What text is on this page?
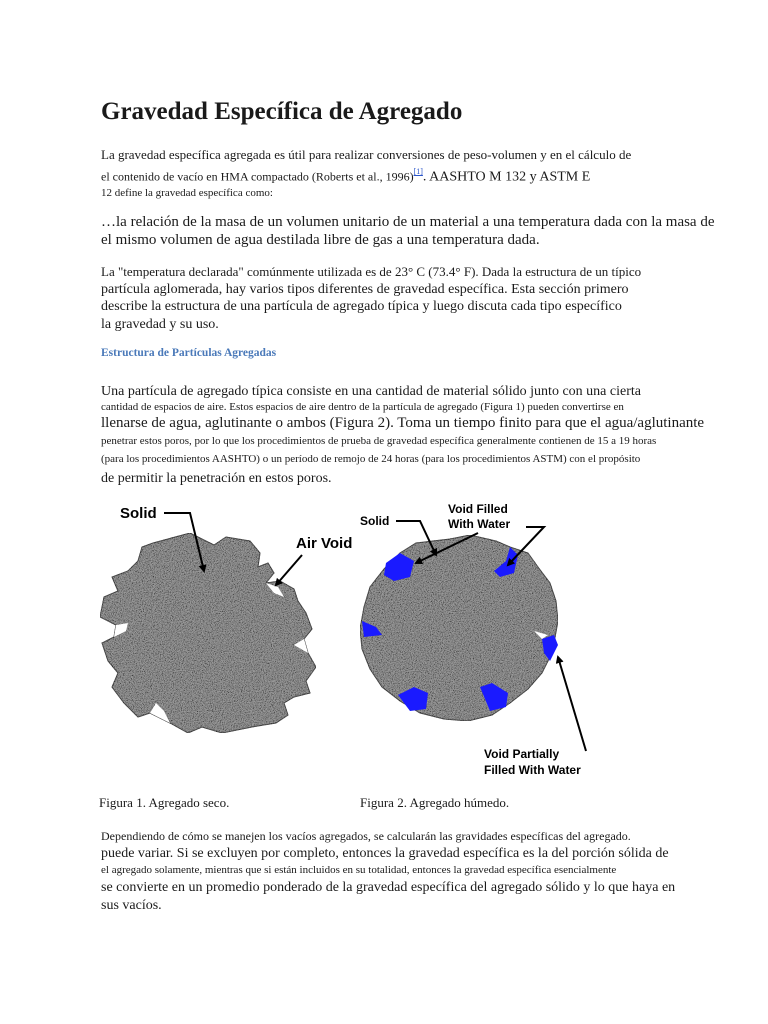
Gravedad Específica de Agregado
La gravedad específica agregada es útil para realizar conversiones de peso-volumen y en el cálculo de
el contenido de vacío en HMA compactado (Roberts et al., 1996)[1]. AASHTO M 132 y ASTM E
12 define la gravedad específica como:
…la relación de la masa de un volumen unitario de un material a una temperatura dada con la masa de
el mismo volumen de agua destilada libre de gas a una temperatura dada.
La "temperatura declarada" comúnmente utilizada es de 23° C (73.4° F). Dada la estructura de un típico
partícula aglomerada, hay varios tipos diferentes de gravedad específica. Esta sección primero
describe la estructura de una partícula de agregado típica y luego discuta cada tipo específico
la gravedad y su uso.
Estructura de Partículas Agregadas
Una partícula de agregado típica consiste en una cantidad de material sólido junto con una cierta
cantidad de espacios de aire. Estos espacios de aire dentro de la partícula de agregado (Figura 1) pueden convertirse en
llenarse de agua, aglutinante o ambos (Figura 2). Toma un tiempo finito para que el agua/aglutinante
penetrar estos poros, por lo que los procedimientos de prueba de gravedad específica generalmente contienen de 15 a 19 horas
(para los procedimientos AASHTO) o un período de remojo de 24 horas (para los procedimientos ASTM) con el propósito
de permitir la penetración en estos poros.
Solid
Air Void
Solid
Void Filled
With Water
Void Partially
Filled With Water
Figura 1. Agregado seco.	Figura 2. Agregado húmedo.
Dependiendo de cómo se manejen los vacíos agregados, se calcularán las gravidades específicas del agregado.
puede variar. Si se excluyen por completo, entonces la gravedad específica es la del porción sólida de
el agregado solamente, mientras que si están incluidos en su totalidad, entonces la gravedad específica esencialmente
se convierte en un promedio ponderado de la gravedad específica del agregado sólido y lo que haya en
sus vacíos.
